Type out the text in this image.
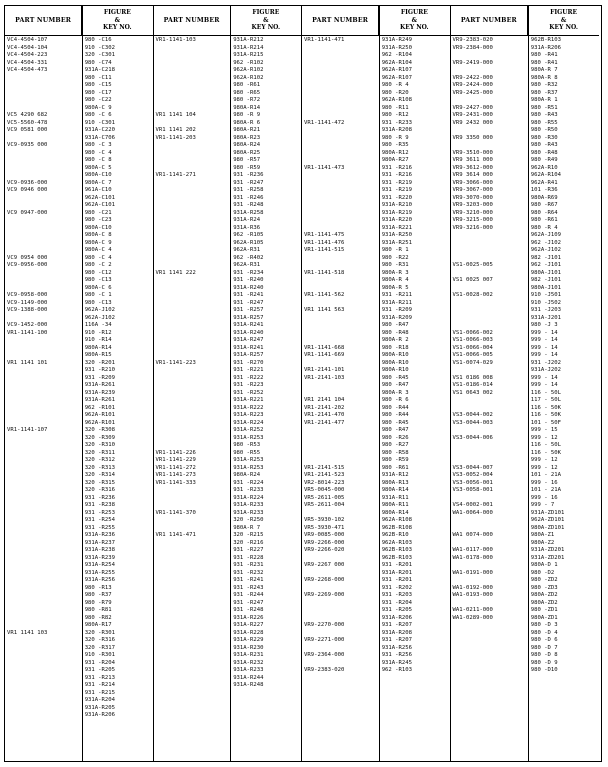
PART NUMBER
FIGURE
&
KEY NO.
VC4-4504-107	980 -C16
VC4-4504-104	910 -C302
VC4-4504-223	320 -C301
VC4-4504-331	980 -C74
VC4-4504-473	931A-C218
980 -C11
980 -C15
980 -C17
980 -C22
980A-C 9
VC5 4290 682	980 -C 6
VC5-5560-478	910 -C301
VC9 0581 000	931A-C220
931A-C706
VC9-0935 000	980 -C 3
980 -C 4
980 -C 8
980A-C 5
980A-C10
VC9-0936-000	980A-C 7
VC9 0946 000	961A-C10
962A-C101
962A-C101
VC9 0947-000	980 -C21
980 -C23
980A-C10
980A-C 8
980A-C 9
980A-C 4
VC9 0954 000	980 -C 4
VC9-0956-000	980 -C 2
980 -C12
980 -C13
980A-C 6
VC9-0958-000	980 -C 1
VC9-1149-000	980 -C13
VC9-1388-000	962A-J102
962A-J102
VC9-1452-000	116A -34
VR1-1141-100	910 -R12
910 -R14
980A-R14
980A-R15
VR1 1141 101	320 -R201
931 -R210
931 -R209
931A-R261
931A-R239
931A-R261
962 -R101
962A-R101
962A-R101
VR1-1141-107	320 -R308
320 -R309
320 -R310
320 -R311
320 -R312
320 -R313
320 -R314
320 -R315
320 -R316
931 -R236
931 -R238
931 -R253
931 -R254
931 -R255
931A-R236
931A-R237
931A-R238
931A-R239
931A-R254
931A-R255
931A-R256
980 -R13
980 -R37
980 -R79
980 -R81
980 -R82
980A-R17
VR1 1141 103	320 -R301
320 -R316
320 -R317
910 -R301
931 -R204
931 -R205
931 -R213
931 -R214
931 -R215
931A-R204
931A-R205
931A-R206
PART NUMBER
FIGURE
&
KEY NO.
VR1-1141-103	931A-R212
931A-R214
931A-R215
962 -R102
962A-R102
962A-R102
980 -R61
980 -R65
980 -R72
980A-R14
VR1 1141 104	980 -R 9
980A-R 6
VR1 1141 202	980A-R21
VR1-1141-203	980A-R23
980A-R24
980A-R25
980 -R57
980 -R59
VR1-1141-271	931 -R236
931 -R247
931 -R258
931 -R246
931 -R248
931A-R258
931A-R24
931A-R36
962 -R105
962A-R105
962A-R31
962 -R402
962A-R31
VR1 1141 222	931 -R234
931 -R240
931A-R240
931 -R241
931 -R247
931 -R257
931A-R257
931A-R241
931A-R240
931A-R247
931A-R241
931A-R257
VR1-1141-223	931 -R270
931 -R221
931 -R222
931 -R223
931 -R252
931A-R221
931A-R222
931A-R223
931A-R224
931A-R252
931A-R253
980 -R53
VR1-1141-226	980 -R55
VR1-1141-229	931A-R253
VR1-1141-272	931A-R253
VR1-1141-273	980A-R24
VR1-1141-333	931 -R224
931 -R233
931A-R224
931A-R233
VR1-1141-370	931A-R233
320 -R250
980A-R 7
VR1 1141-471	320 -R215
320 -R216
931 -R227
931 -R228
931 -R231
931 -R232
931 -R241
931 -R243
931 -R244
931 -R247
931 -R248
931A-R226
931A-R227
931A-R228
931A-R229
931A-R230
931A-R231
931A-R232
931A-R233
931A-R244
931A-R248
PART NUMBER
FIGURE
&
KEY NO.
VR1-1141-471	931A-R249
931A-R250
962 -R104
962A-R104
962A-R107
962A-R107
980 -R 4
980 -R20
962A-R108
980 -R11
980 -R12
VR1-1141-472	931 -R233
931A-R208
980 -R 9
980 -R35
980A-R12
980A-R27
VR1-1141-473	931 -R216
931 -R216
931 -R219
931 -R219
931 -R220
931A-R210
931A-R219
931A-R220
931A-R221
VR1-1141-475	931A-R250
VR1-1141-476	931A-R251
VR1-1141-515	980 -R 1
980 -R22
980 -R31
VR1-1141-518	980A-R 3
980A-R 4
980A-R 5
VR1-1141-562	931 -R211
931A-R211
VR1 1141 563	931 -R209
931A-R209
980 -R47
980 -R48
980A-R 2
VR1-1141-668	980 -R18
VR1-1141-669	980A-R10
980A-R10
VR1-2141-101	980A-R10
VR1-2141-103	980 -R45
980 -R47
980A-R 3
VR1 2141 104	980 -R 6
VR1-2141-202	980 -R44
VR1-2141-470	980 -R44
VR1-2141-477	980 -R45
980 -R47
980 -R26
980 -R27
980 -R58
980 -R59
VR1-2141-515	980 -R61
VR1-2141-523	931A-R12
VR2-8014-223	980A-R13
VR5-0045-000	980A-R14
VR5-2611-005	931A-R11
VR5-2611-004	980A-R11
980A-R14
VR5-3930-102	962A-R108
VR5-3930-471	962B-R108
VR9-0085-000	962B-R10
VR9-2266-000	962A-R103
VR9-2266-020	962B-R103
962B-R103
VR9-2267 000	931 -R201
931A-R201
VR9-2268-000	931 -R201
931 -R202
VR9-2269-000	931 -R203
931 -R204
931 -R205
931A-R206
VR9-2270-000	931 -R207
931A-R208
VR9-2271-000	931 -R207
931A-R256
VR9-2364-000	931 -R256
931A-R245
VR9-2383-020	962 -R103
PART NUMBER
FIGURE
&
KEY NO.
VR9-2383-020	962B-R103
VR9-2384-000	931A-R206
980 -R41
VR9-2419-000	980 -R41
980A-R 7
VR9-2422-000	980A-R 8
VR9-2424-000	980 -R32
VR9-2425-000	980 -R37
980A-R 1
VR9-2427-000	980 -R51
VR9-2431-000	980 -R43
VR9 2432 000	980 -R55
980 -R50
VR9 3350 000	980 -R30
980 -R43
VR9-3510-000	980 -R48
VR9 3611 000	980 -R49
VR9-3612-000	962A-R10
VR9 3614 000	962A-R104
VR9-3066-000	962A-R41
VR9-3067-000	101 -R36
VR9-3070-000	980A-R69
VR9-3203-000	980 -R67
VR9-3210-000	980 -R64
VR9-3215-000	980 -R61
VR9-3216-000	980 -R 4
962A-J109
962 -J102
962A-J102
982 -J101
VS1-0025-005	962 -J101
980A-J101
VS1 0025 007	982 -J101
980A-J101
VS1-0028-002	910 -J501
910 -J502
931 -J203
931A-J201
980 -J 3
VS1-0066-002	999 - 14
VS1-0066-003	999 - 14
VS1-0066-004	999 - 14
VS1-0066-005	999 - 14
VS1-0074-029	931 -J202
931A-J202
VS1 0186 008	999 - 14
VS1-0186-014	999 - 14
VS1 0643 002	116 - 50L
117 - 50L
116 - 50K
VS3-0044-002	116 - 50K
VS3-0044-003	101 - 50F
999 - 15
VS3-0044-006	999 - 12
116 - 50L
116 - 50K
999 - 12
VS3-0044-007	999 - 12
VS3-0052-004	101 - 21A
VS3-0056-001	999 - 16
VS3-0058-001	101 - 21A
999 - 16
VS4-0002-001	999 - 7
WA1-0064-000	931A-ZD101
962A-ZD101
980A-ZD101
WA1 0074-000	980A-Z1
980A-Z2
WA1-0117-000	931A-ZD201
WA1-0178-000	931A-ZD201
980A-D 1
WA1-0191-000	980 -D2
980 -ZD2
WA1-0192-000	980 -ZD3
WA1-0193-000	980A-ZD2
980A-ZD2
WA1-0211-000	980 -ZD1
WA1-0289-000	980A-ZD1
980 -D 3
980 -D 4
980 -D 6
980 -D 7
980 -D 8
980 -D 9
980 -D10
